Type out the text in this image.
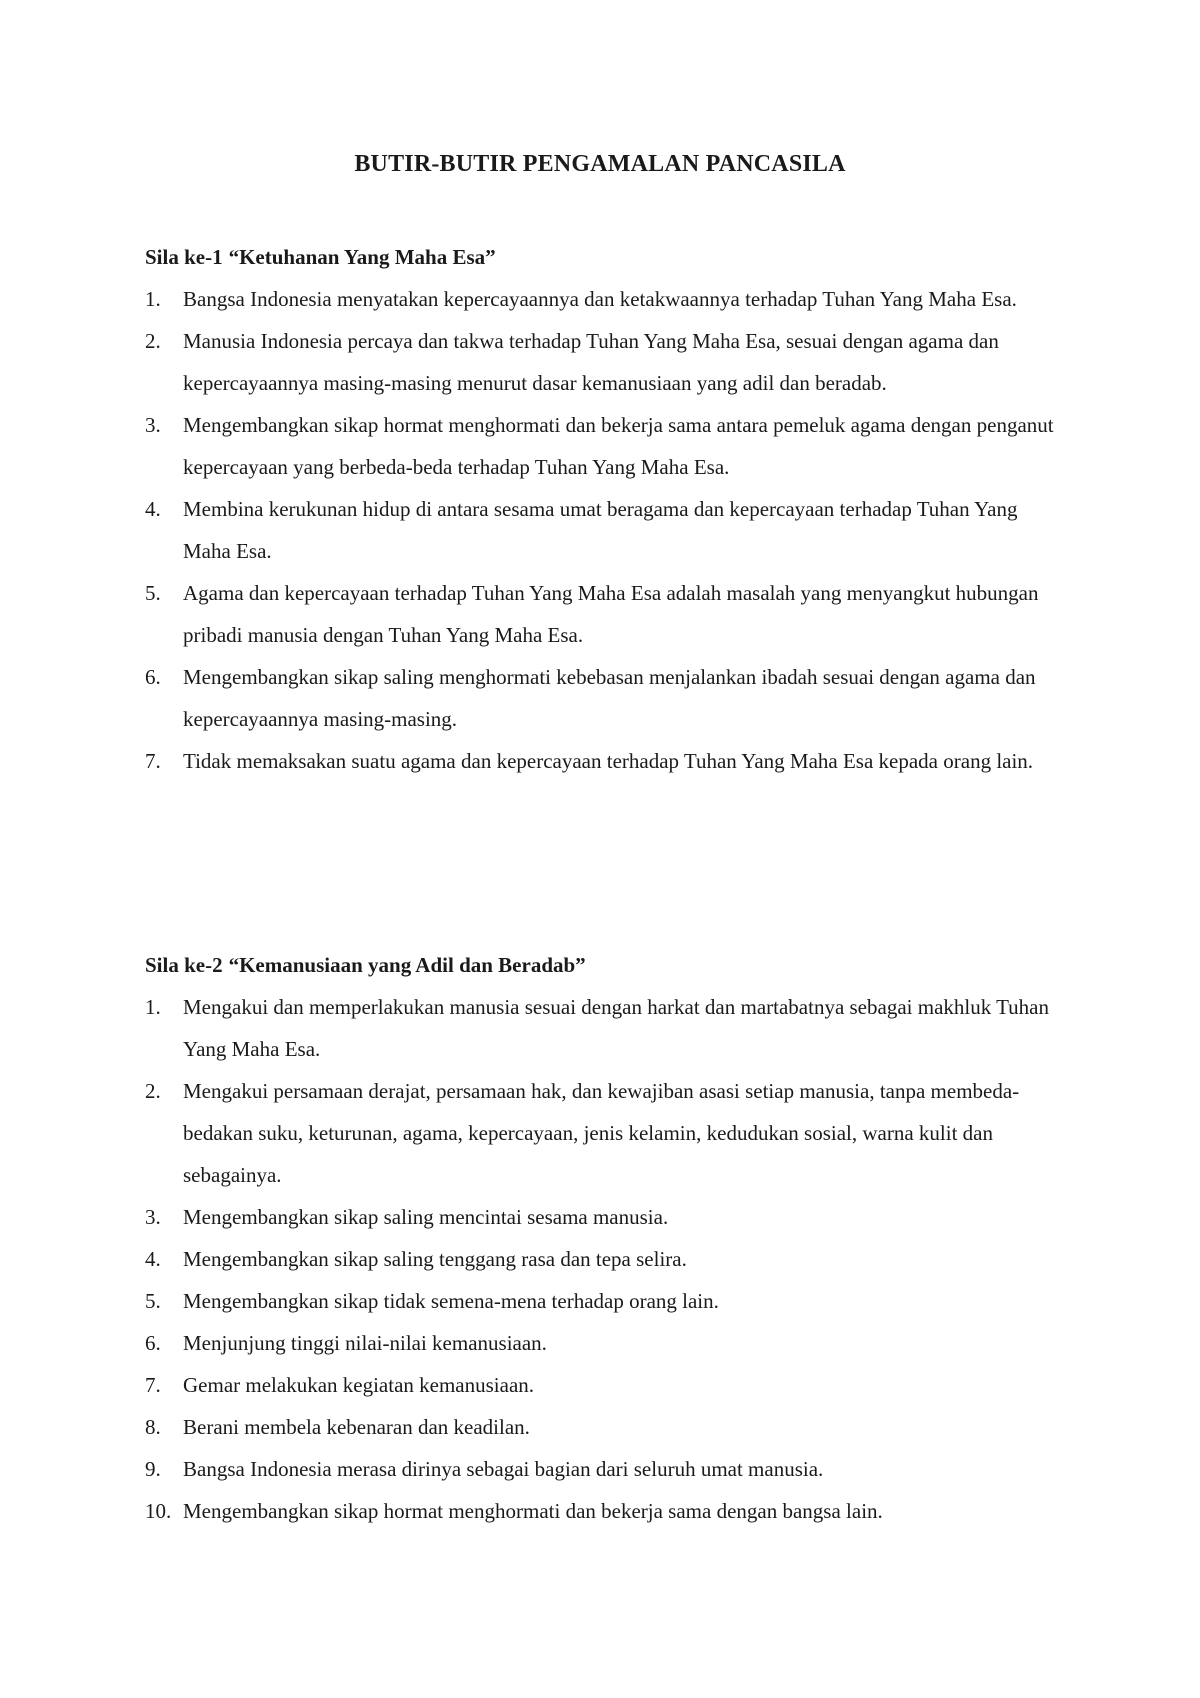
BUTIR-BUTIR PENGAMALAN PANCASILA
Sila ke-1 “Ketuhanan Yang Maha Esa”
1. Bangsa Indonesia menyatakan kepercayaannya dan ketakwaannya terhadap Tuhan Yang Maha Esa.
2. Manusia Indonesia percaya dan takwa terhadap Tuhan Yang Maha Esa, sesuai dengan agama dan kepercayaannya masing-masing menurut dasar kemanusiaan yang adil dan beradab.
3. Mengembangkan sikap hormat menghormati dan bekerja sama antara pemeluk agama dengan penganut kepercayaan yang berbeda-beda terhadap Tuhan Yang Maha Esa.
4. Membina kerukunan hidup di antara sesama umat beragama dan kepercayaan terhadap Tuhan Yang Maha Esa.
5. Agama dan kepercayaan terhadap Tuhan Yang Maha Esa adalah masalah yang menyangkut hubungan pribadi manusia dengan Tuhan Yang Maha Esa.
6. Mengembangkan sikap saling menghormati kebebasan menjalankan ibadah sesuai dengan agama dan kepercayaannya masing-masing.
7. Tidak memaksakan suatu agama dan kepercayaan terhadap Tuhan Yang Maha Esa kepada orang lain.
Sila ke-2 “Kemanusiaan yang Adil dan Beradab”
1. Mengakui dan memperlakukan manusia sesuai dengan harkat dan martabatnya sebagai makhluk Tuhan Yang Maha Esa.
2. Mengakui persamaan derajat, persamaan hak, dan kewajiban asasi setiap manusia, tanpa membeda-bedakan suku, keturunan, agama, kepercayaan, jenis kelamin, kedudukan sosial, warna kulit dan sebagainya.
3. Mengembangkan sikap saling mencintai sesama manusia.
4. Mengembangkan sikap saling tenggang rasa dan tepa selira.
5. Mengembangkan sikap tidak semena-mena terhadap orang lain.
6. Menjunjung tinggi nilai-nilai kemanusiaan.
7. Gemar melakukan kegiatan kemanusiaan.
8. Berani membela kebenaran dan keadilan.
9. Bangsa Indonesia merasa dirinya sebagai bagian dari seluruh umat manusia.
10. Mengembangkan sikap hormat menghormati dan bekerja sama dengan bangsa lain.
